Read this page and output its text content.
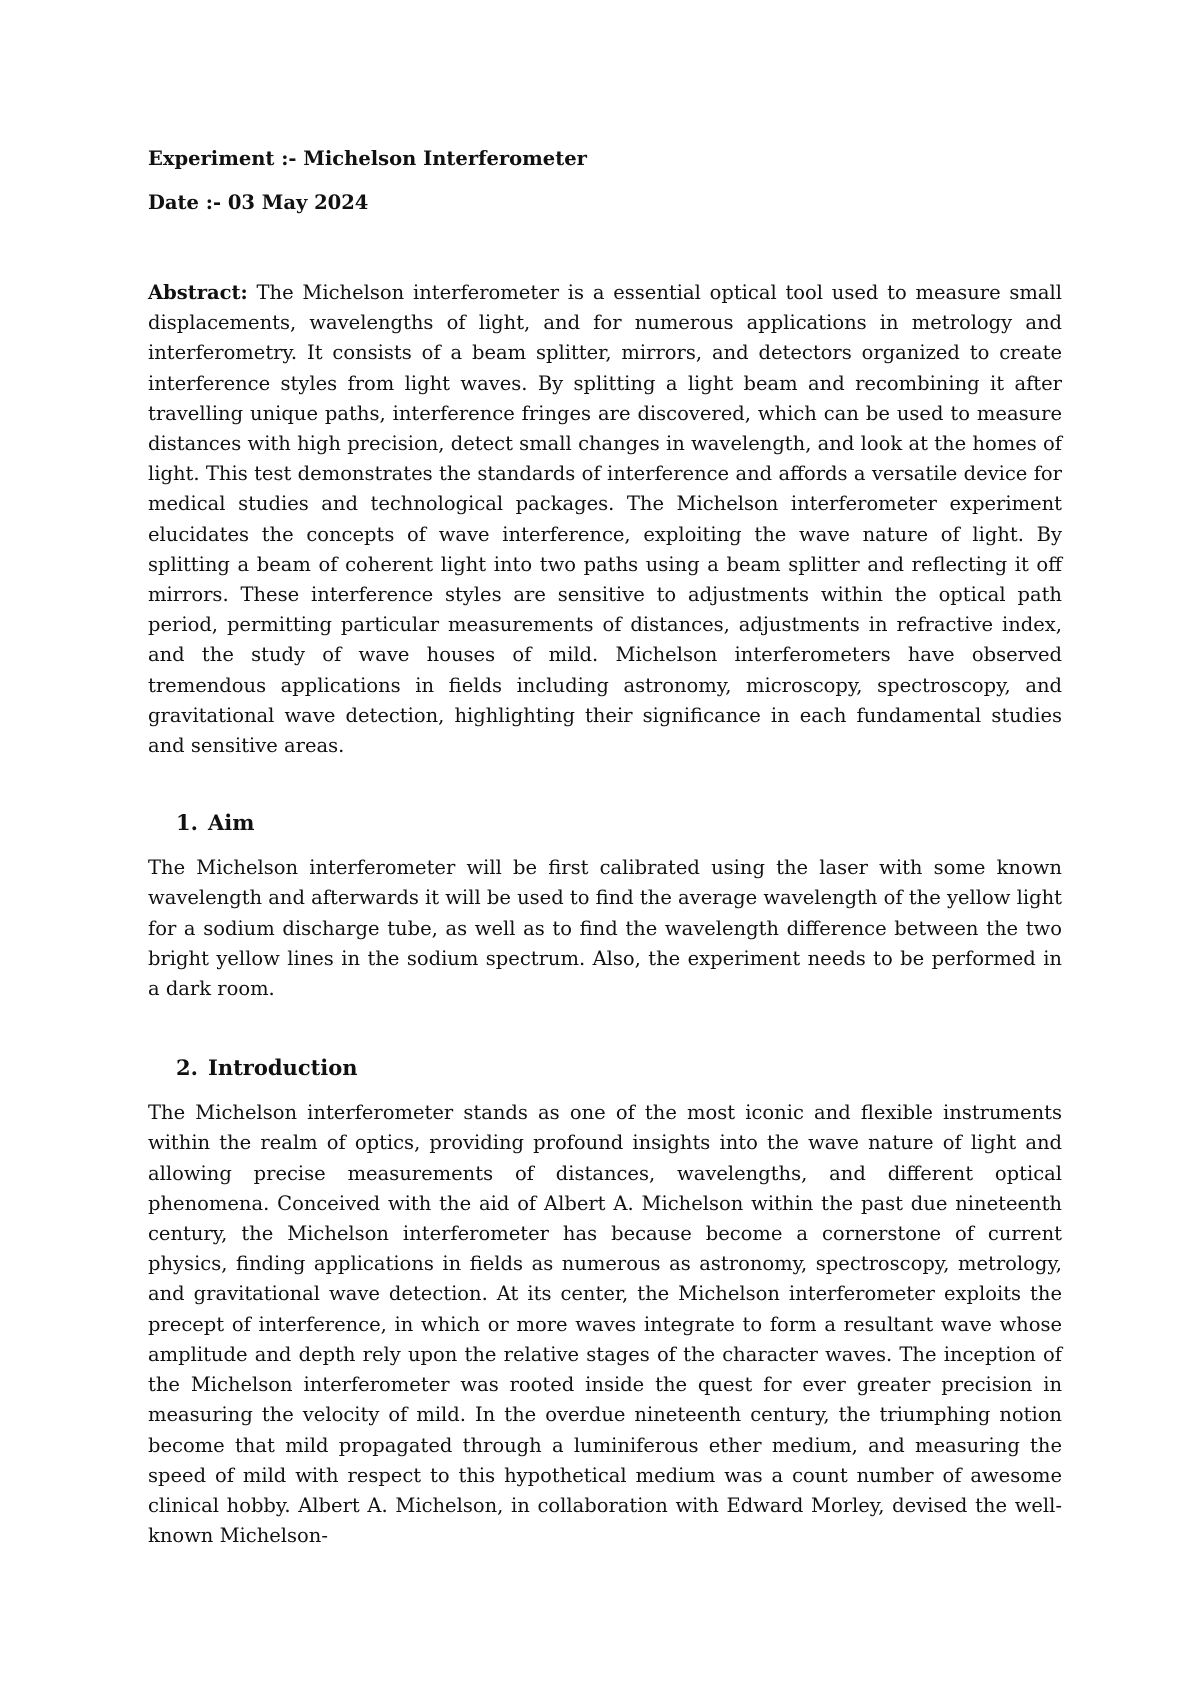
Experiment :- Michelson Interferometer

Date :- 03 May 2024

Abstract: The Michelson interferometer is a essential optical tool used to measure small displacements, wavelengths of light, and for numerous applications in metrology and interferometry. It consists of a beam splitter, mirrors, and detectors organized to create interference styles from light waves. By splitting a light beam and recombining it after travelling unique paths, interference fringes are discovered, which can be used to measure distances with high precision, detect small changes in wavelength, and look at the homes of light. This test demonstrates the standards of interference and affords a versatile device for medical studies and technological packages. The Michelson interferometer experiment elucidates the concepts of wave interference, exploiting the wave nature of light. By splitting a beam of coherent light into two paths using a beam splitter and reflecting it off mirrors. These interference styles are sensitive to adjustments within the optical path period, permitting particular measurements of distances, adjustments in refractive index, and the study of wave houses of mild. Michelson interferometers have observed tremendous applications in fields including astronomy, microscopy, spectroscopy, and gravitational wave detection, highlighting their significance in each fundamental studies and sensitive areas.

1. Aim

The Michelson interferometer will be first calibrated using the laser with some known wavelength and afterwards it will be used to find the average wavelength of the yellow light for a sodium discharge tube, as well as to find the wavelength difference between the two bright yellow lines in the sodium spectrum. Also, the experiment needs to be performed in a dark room.

2. Introduction

The Michelson interferometer stands as one of the most iconic and flexible instruments within the realm of optics, providing profound insights into the wave nature of light and allowing precise measurements of distances, wavelengths, and different optical phenomena. Conceived with the aid of Albert A. Michelson within the past due nineteenth century, the Michelson interferometer has because become a cornerstone of current physics, finding applications in fields as numerous as astronomy, spectroscopy, metrology, and gravitational wave detection. At its center, the Michelson interferometer exploits the precept of interference, in which or more waves integrate to form a resultant wave whose amplitude and depth rely upon the relative stages of the character waves. The inception of the Michelson interferometer was rooted inside the quest for ever greater precision in measuring the velocity of mild. In the overdue nineteenth century, the triumphing notion become that mild propagated through a luminiferous ether medium, and measuring the speed of mild with respect to this hypothetical medium was a count number of awesome clinical hobby. Albert A. Michelson, in collaboration with Edward Morley, devised the well-known Michelson-
